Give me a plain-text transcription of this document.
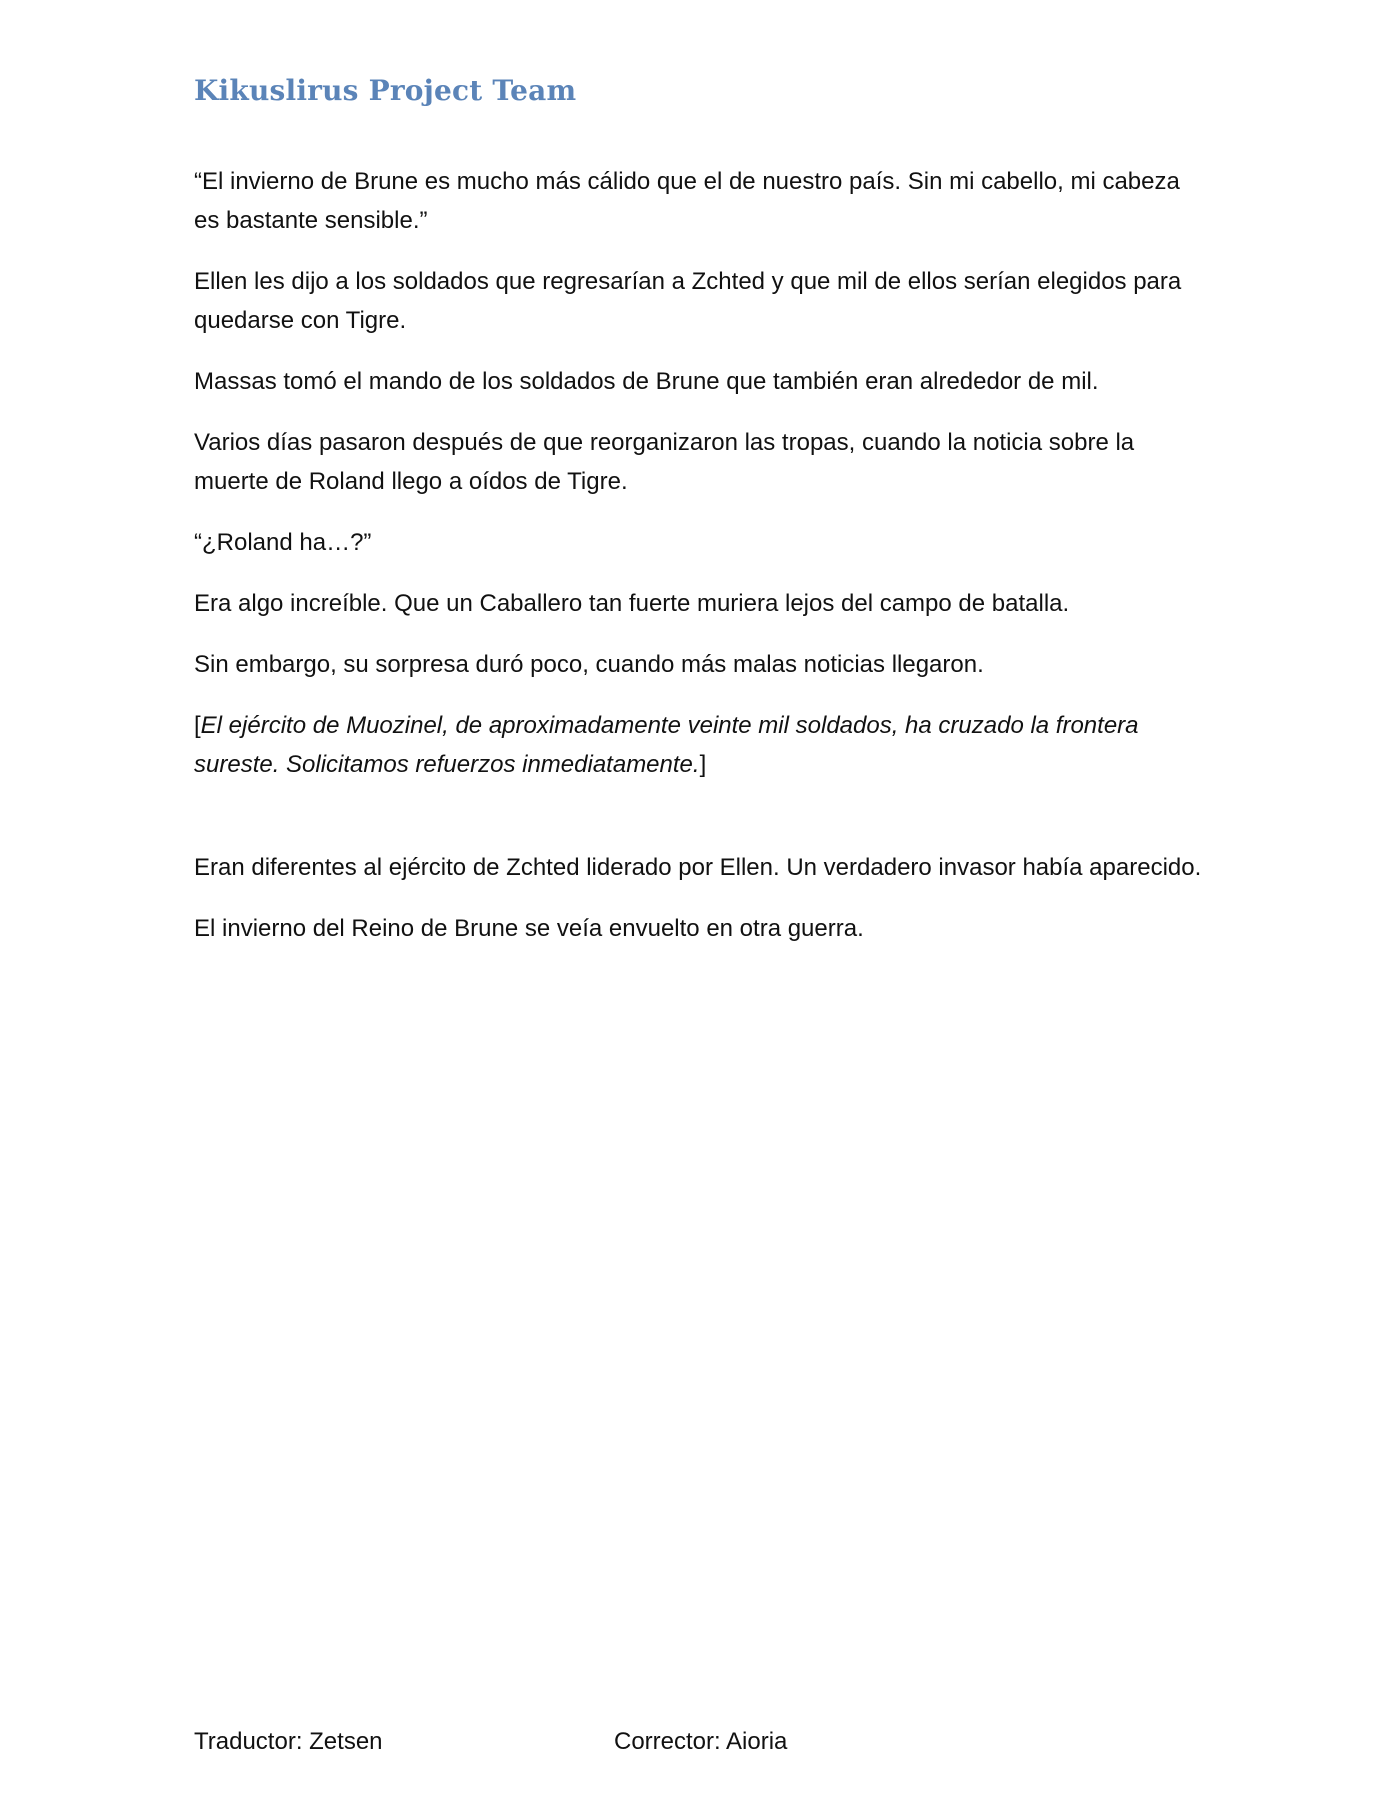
Kikuslirus Project Team

“El invierno de Brune es mucho más cálido que el de nuestro país. Sin mi cabello, mi cabeza es bastante sensible.”

Ellen les dijo a los soldados que regresarían a Zchted y que mil de ellos serían elegidos para quedarse con Tigre.

Massas tomó el mando de los soldados de Brune que también eran alrededor de mil.

Varios días pasaron después de que reorganizaron las tropas, cuando la noticia sobre la muerte de Roland llego a oídos de Tigre.

“¿Roland ha…?”

Era algo increíble. Que un Caballero tan fuerte muriera lejos del campo de batalla.

Sin embargo, su sorpresa duró poco, cuando más malas noticias llegaron.

[El ejército de Muozinel, de aproximadamente veinte mil soldados, ha cruzado la frontera sureste. Solicitamos refuerzos inmediatamente.]

Eran diferentes al ejército de Zchted liderado por Ellen. Un verdadero invasor había aparecido.

El invierno del Reino de Brune se veía envuelto en otra guerra.

Traductor: Zetsen	Corrector: Aioria
